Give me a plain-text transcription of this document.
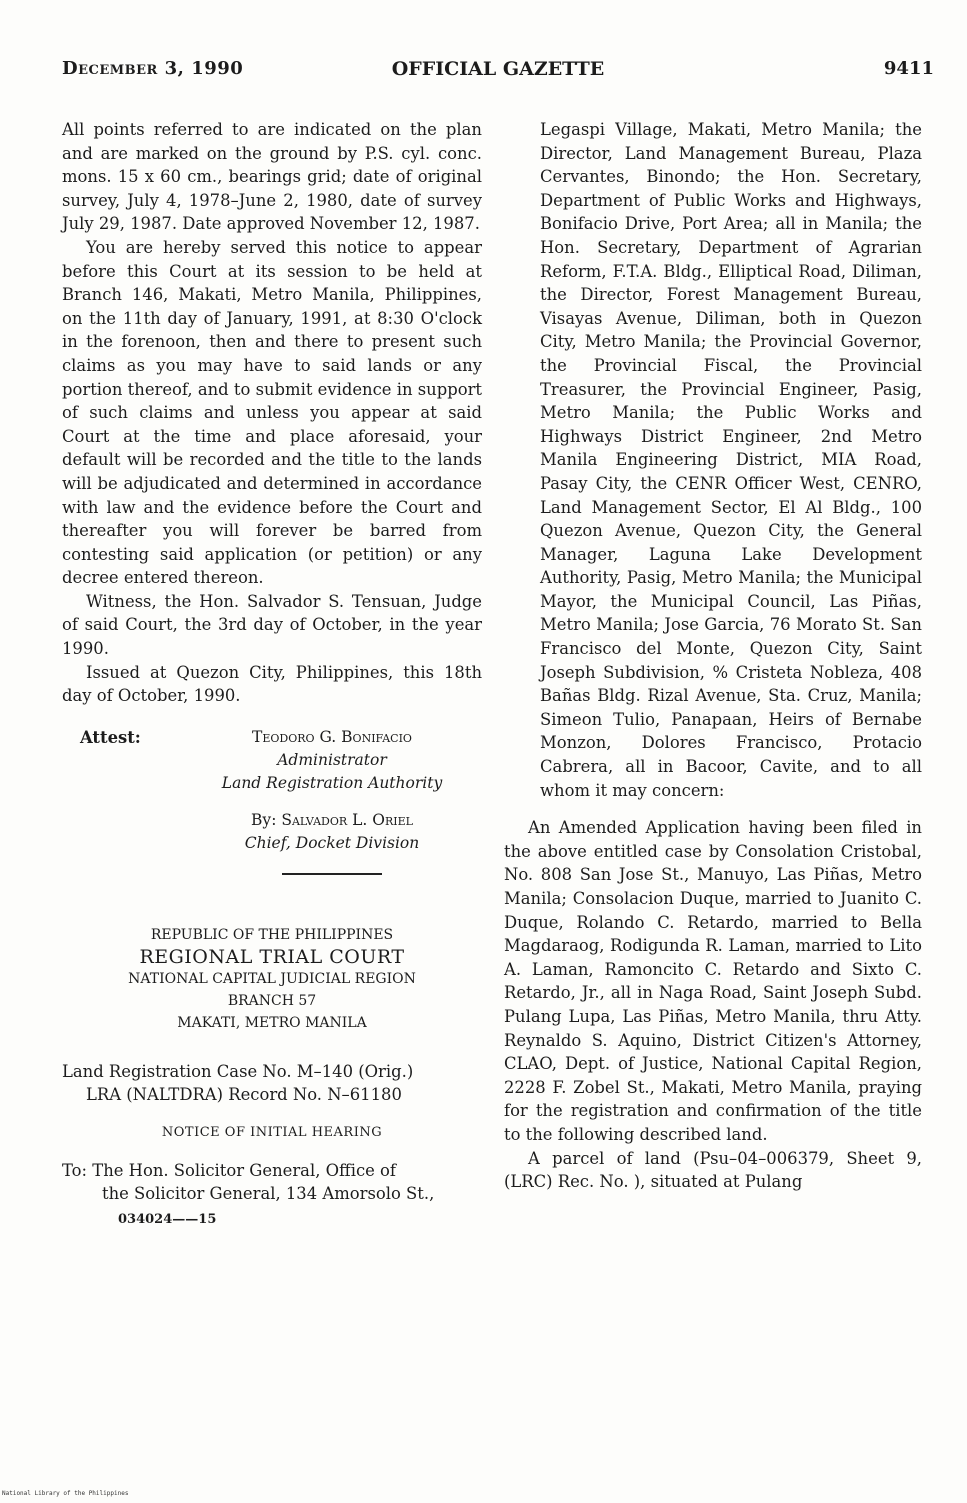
December 3, 1990	OFFICIAL GAZETTE	9411

All points referred to are indicated on the plan and are marked on the ground by P.S. cyl. conc. mons. 15 x 60 cm., bearings grid; date of original survey, July 4, 1978–June 2, 1980, date of survey July 29, 1987. Date approved November 12, 1987.

You are hereby served this notice to appear before this Court at its session to be held at Branch 146, Makati, Metro Manila, Philippines, on the 11th day of January, 1991, at 8:30 O'clock in the forenoon, then and there to present such claims as you may have to said lands or any portion thereof, and to submit evidence in support of such claims and unless you appear at said Court at the time and place aforesaid, your default will be recorded and the title to the lands will be adjudicated and determined in accordance with law and the evidence before the Court and thereafter you will forever be barred from contesting said application (or petition) or any decree entered thereon.

Witness, the Hon. Salvador S. Tensuan, Judge of said Court, the 3rd day of October, in the year 1990.

Issued at Quezon City, Philippines, this 18th day of October, 1990.

Attest:	Teodoro G. Bonifacio
Administrator
Land Registration Authority
By: Salvador L. Oriel
Chief, Docket Division
REPUBLIC OF THE PHILIPPINES
REGIONAL TRIAL COURT
NATIONAL CAPITAL JUDICIAL REGION
BRANCH 57
MAKATI, METRO MANILA
Land Registration Case No. M–140 (Orig.)
LRA (NALTDRA) Record No. N–61180
NOTICE OF INITIAL HEARING
To: The Hon. Solicitor General, Office of
the Solicitor General, 134 Amorsolo St.,
034024——15

Legaspi Village, Makati, Metro Manila; the Director, Land Management Bureau, Plaza Cervantes, Binondo; the Hon. Secretary, Department of Public Works and Highways, Bonifacio Drive, Port Area; all in Manila; the Hon. Secretary, Department of Agrarian Reform, F.T.A. Bldg., Elliptical Road, Diliman, the Director, Forest Management Bureau, Visayas Avenue, Diliman, both in Quezon City, Metro Manila; the Provincial Governor, the Provincial Fiscal, the Provincial Treasurer, the Provincial Engineer, Pasig, Metro Manila; the Public Works and Highways District Engineer, 2nd Metro Manila Engineering District, MIA Road, Pasay City, the CENR Officer West, CENRO, Land Management Sector, El Al Bldg., 100 Quezon Avenue, Quezon City, the General Manager, Laguna Lake Development Authority, Pasig, Metro Manila; the Municipal Mayor, the Municipal Council, Las Piñas, Metro Manila; Jose Garcia, 76 Morato St. San Francisco del Monte, Quezon City, Saint Joseph Subdivision, % Cristeta Nobleza, 408 Bañas Bldg. Rizal Avenue, Sta. Cruz, Manila; Simeon Tulio, Panapaan, Heirs of Bernabe Monzon, Dolores Francisco, Protacio Cabrera, all in Bacoor, Cavite, and to all whom it may concern:

An Amended Application having been filed in the above entitled case by Consolation Cristobal, No. 808 San Jose St., Manuyo, Las Piñas, Metro Manila; Consolacion Duque, married to Juanito C. Duque, Rolando C. Retardo, married to Bella Magdaraog, Rodigunda R. Laman, married to Lito A. Laman, Ramoncito C. Retardo and Sixto C. Retardo, Jr., all in Naga Road, Saint Joseph Subd. Pulang Lupa, Las Piñas, Metro Manila, thru Atty. Reynaldo S. Aquino, District Citizen's Attorney, CLAO, Dept. of Justice, National Capital Region, 2228 F. Zobel St., Makati, Metro Manila, praying for the registration and confirmation of the title to the following described land.

A parcel of land (Psu–04–006379, Sheet 9, (LRC) Rec. No. ), situated at Pulang

National Library of the Philippines
